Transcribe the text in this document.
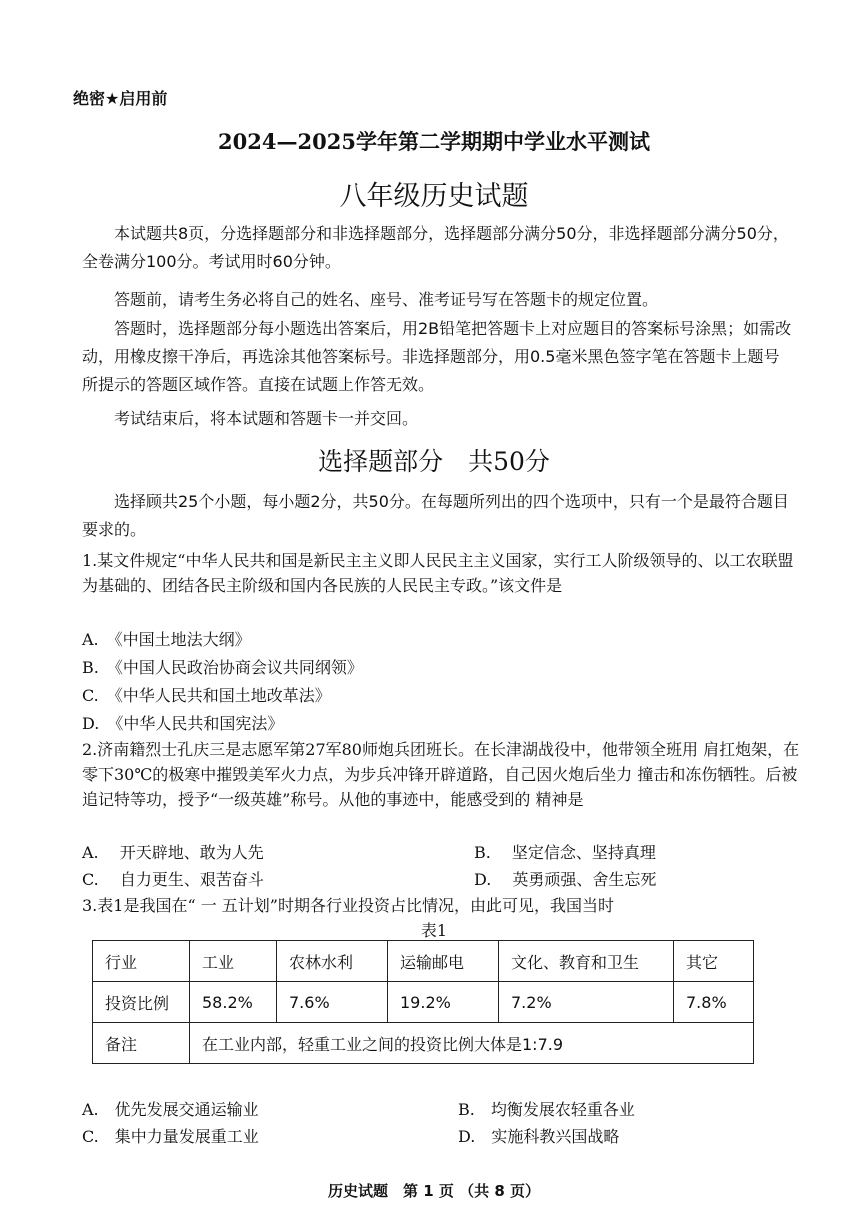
绝密★启用前
2024—2025学年第二学期期中学业水平测试
八年级历史试题
本试题共8页，分选择题部分和非选择题部分，选择题部分满分50分，非选择题部分满分50分，全卷满分100分。考试用时60分钟。
答题前，请考生务必将自己的姓名、座号、准考证号写在答题卡的规定位置。
答题时，选择题部分每小题选出答案后，用2B铅笔把答题卡上对应题目的答案标号涂黑；如需改动，用橡皮擦干净后，再选涂其他答案标号。非选择题部分，用0.5毫米黑色签字笔在答题卡上题号所提示的答题区域作答。直接在试题上作答无效。
考试结束后，将本试题和答题卡一并交回。
选择题部分　共50分
选择顾共25个小题，每小题2分，共50分。在每题所列出的四个选项中，只有一个是最符合题目要求的。
1.某文件规定“中华人民共和国是新民主主义即人民民主主义国家，实行工人阶级领导的、以工农联盟为基础的、团结各民主阶级和国内各民族的人民民主专政。”该文件是
A.　《中国土地法大纲》
B.　《中国人民政治协商会议共同纲领》
C.　《中华人民共和国土地改革法》
D.　《中华人民共和国宪法》
2.济南籍烈士孔庆三是志愿军第27军80师炮兵团班长。在长津湖战役中，他带领全班用 肩扛炮架，在零下30℃的极寒中摧毁美军火力点，为步兵冲锋开辟道路，自己因火炮后坐力 撞击和冻伤牺牲。后被追记特等功，授予“一级英雄”称号。从他的事迹中，能感受到的 精神是
A.　 开天辟地、敢为人先	B.　 坚定信念、坚持真理
C.　 自力更生、艰苦奋斗	D.　 英勇顽强、舍生忘死
3.表1是我国在“ 一 五计划”时期各行业投资占比情况，由此可见，我国当时
表1
行业	工业	农林水利	运输邮电	文化、教育和卫生	其它
投资比例	58.2%	7.6%	19.2%	7.2%	7.8%
备注	在工业内部，轻重工业之间的投资比例大体是1:7.9				
A.　优先发展交通运输业	B.　均衡发展农轻重各业
C.　集中力量发展重工业	D.　实施科教兴国战略
历史试题　第 1 页 （共 8 页）
